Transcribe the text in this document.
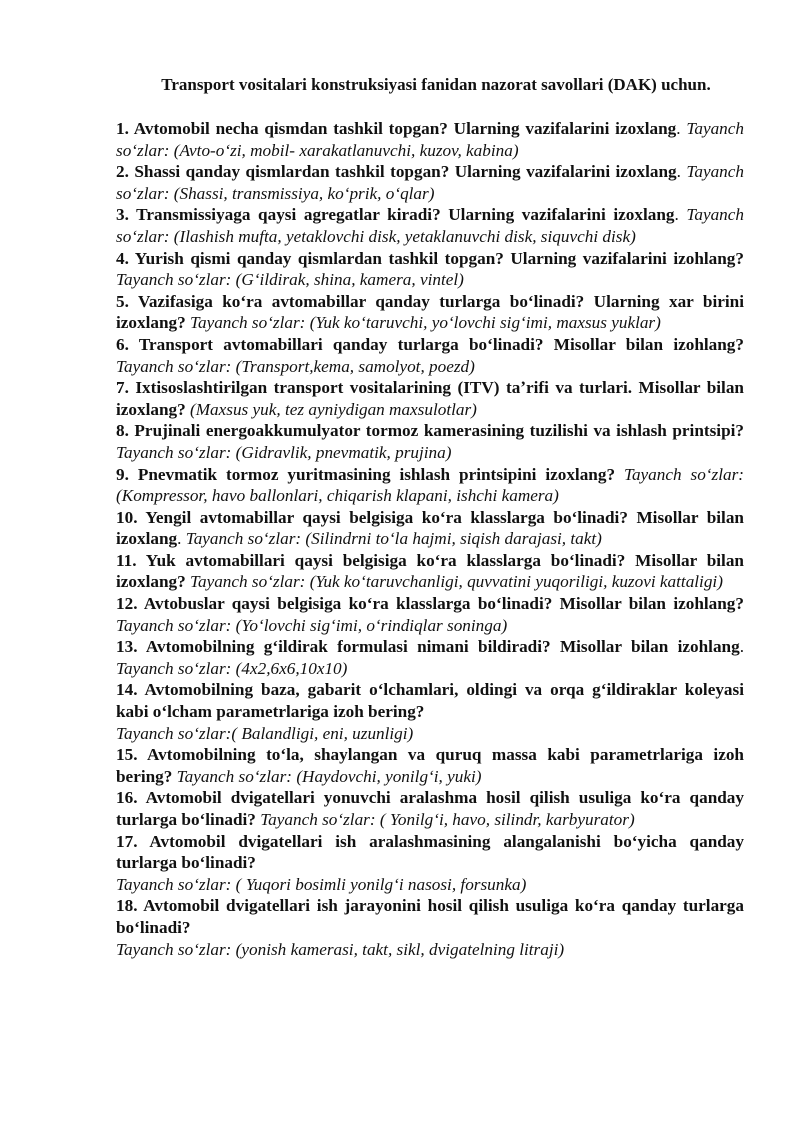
Transport vositalari konstruksiyasi fanidan nazorat savollari (DAK) uchun.

1. Avtomobil necha qismdan tashkil topgan? Ularning vazifalarini izoxlang. Tayanch soʻzlar: (Avto-oʻzi, mobil- xarakatlanuvchi, kuzov, kabina)

2. Shassi qanday qismlardan tashkil topgan? Ularning vazifalarini izoxlang. Tayanch soʻzlar: (Shassi, transmissiya, koʻprik, oʻqlar)

3. Transmissiyaga qaysi agregatlar kiradi? Ularning vazifalarini izoxlang. Tayanch soʻzlar: (Ilashish mufta, yetaklovchi disk, yetaklanuvchi disk, siquvchi disk)

4. Yurish qismi qanday qismlardan tashkil topgan? Ularning vazifalarini izohlang? Tayanch soʻzlar: (Gʻildirak, shina, kamera, vintel)

5. Vazifasiga koʻra avtomabillar qanday turlarga boʻlinadi? Ularning xar birini izoxlang? Tayanch soʻzlar: (Yuk koʻtaruvchi, yoʻlovchi sigʻimi, maxsus yuklar)

6. Transport avtomabillari qanday turlarga boʻlinadi? Misollar bilan izohlang? Tayanch soʻzlar: (Transport,kema, samolyot, poezd)

7. Ixtisoslashtirilgan transport vositalarining (ITV) taʼrifi va turlari. Misollar bilan izoxlang? (Maxsus yuk, tez ayniydigan maxsulotlar)

8. Prujinali energoakkumulyator tormoz kamerasining tuzilishi va ishlash printsipi? Tayanch soʻzlar: (Gidravlik, pnevmatik, prujina)

9. Pnevmatik tormoz yuritmasining ishlash printsipini izoxlang? Tayanch soʻzlar: (Kompressor, havo ballonlari, chiqarish klapani, ishchi kamera)

10. Yengil avtomabillar qaysi belgisiga koʻra klasslarga boʻlinadi? Misollar bilan izoxlang. Tayanch soʻzlar: (Silindrni toʻla hajmi, siqish darajasi, takt)

11. Yuk avtomabillari qaysi belgisiga koʻra klasslarga boʻlinadi? Misollar bilan izoxlang? Tayanch soʻzlar: (Yuk koʻtaruvchanligi, quvvatini yuqoriligi, kuzovi kattaligi)

12. Avtobuslar qaysi belgisiga koʻra klasslarga boʻlinadi? Misollar bilan izohlang? Tayanch soʻzlar: (Yoʻlovchi sigʻimi, oʻrindiqlar soninga)

13. Avtomobilning gʻildirak formulasi nimani bildiradi? Misollar bilan izohlang. Tayanch soʻzlar: (4x2,6x6,10x10)

14. Avtomobilning baza, gabarit oʻlchamlari, oldingi va orqa gʻildiraklar koleyasi kabi oʻlcham parametrlariga izoh bering?
Tayanch soʻzlar:( Balandligi, eni, uzunligi)

15. Avtomobilning toʻla, shaylangan va quruq massa kabi parametrlariga izoh bering? Tayanch soʻzlar: (Haydovchi, yonilgʻi, yuki)

16. Avtomobil dvigatellari yonuvchi aralashma hosil qilish usuliga koʻra qanday turlarga boʻlinadi? Tayanch soʻzlar: ( Yonilgʻi, havo, silindr, karbyurator)

17. Avtomobil dvigatellari ish aralashmasining alangalanishi boʻyicha qanday turlarga boʻlinadi?
Tayanch soʻzlar: ( Yuqori bosimli yonilgʻi nasosi, forsunka)

18. Avtomobil dvigatellari ish jarayonini hosil qilish usuliga koʻra qanday turlarga boʻlinadi?
Tayanch soʻzlar: (yonish kamerasi, takt, sikl, dvigatelning litraji)
